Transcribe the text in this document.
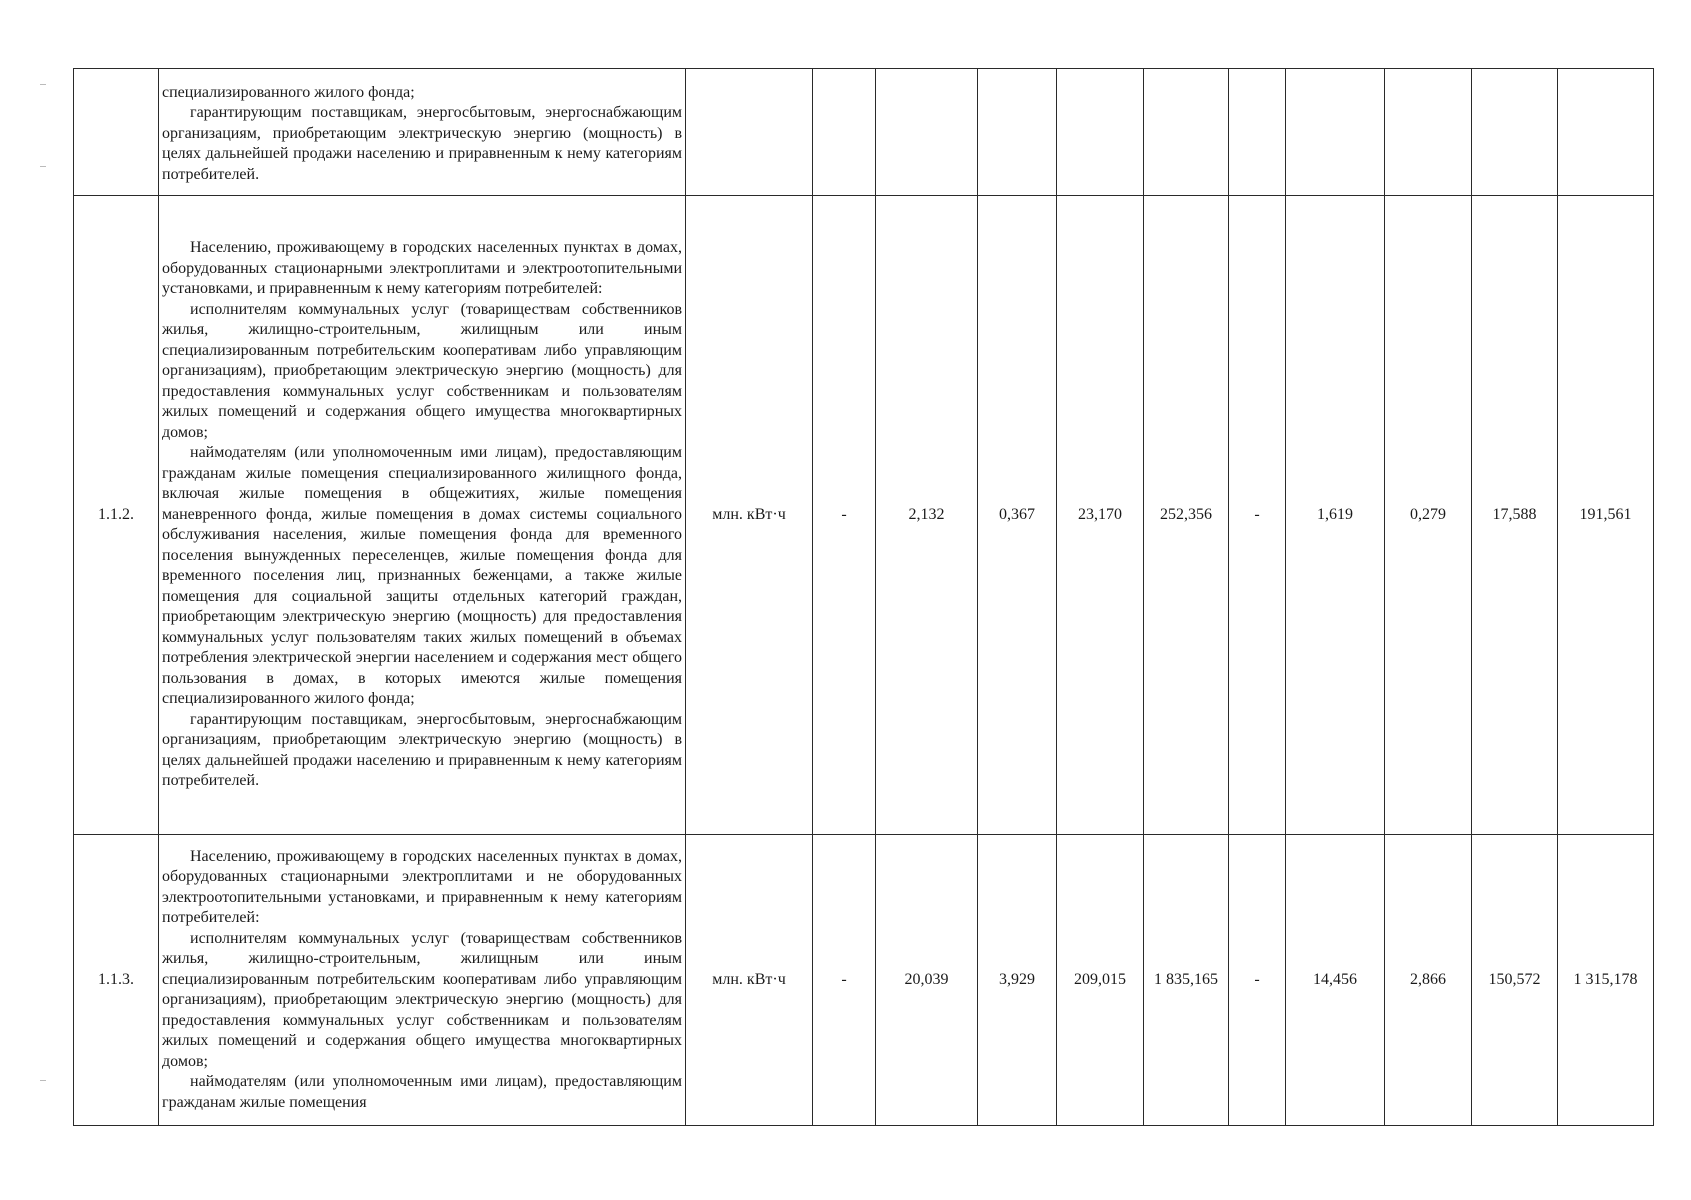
	специализированного жилого фонда;

гарантирующим поставщикам, энергосбытовым, энергоснабжающим организациям, приобретающим электрическую энергию (мощность) в целях дальнейшей продажи населению и приравненным к нему категориям потребителей.											

1.1.2.	Населению, проживающему в городских населенных пунктах в домах, оборудованных стационарными электроплитами и электроотопительными установками, и приравненным к нему категориям потребителей:

исполнителям коммунальных услуг (товариществам собственников жилья, жилищно-строительным, жилищным или иным специализированным потребительским кооперативам либо управляющим организациям), приобретающим электрическую энергию (мощность) для предоставления коммунальных услуг собственникам и пользователям жилых помещений и содержания общего имущества многоквартирных домов;

наймодателям (или уполномоченным ими лицам), предоставляющим гражданам жилые помещения специализированного жилищного фонда, включая жилые помещения в общежитиях, жилые помещения маневренного фонда, жилые помещения в домах системы социального обслуживания населения, жилые помещения фонда для временного поселения вынужденных переселенцев, жилые помещения фонда для временного поселения лиц, признанных беженцами, а также жилые помещения для социальной защиты отдельных категорий граждан, приобретающим электрическую энергию (мощность) для предоставления коммунальных услуг пользователям таких жилых помещений в объемах потребления электрической энергии населением и содержания мест общего пользования в домах, в которых имеются жилые помещения специализированного жилого фонда;

гарантирующим поставщикам, энергосбытовым, энергоснабжающим организациям, приобретающим электрическую энергию (мощность) в целях дальнейшей продажи населению и приравненным к нему категориям потребителей.	млн. кВт·ч	-	2,132	0,367	23,170	252,356	-	1,619	0,279	17,588	191,561
1.1.3.	Населению, проживающему в городских населенных пунктах в домах, оборудованных стационарными электроплитами и не оборудованных электроотопительными установками, и приравненным к нему категориям потребителей:

исполнителям коммунальных услуг (товариществам собственников жилья, жилищно-строительным, жилищным или иным специализированным потребительским кооперативам либо управляющим организациям), приобретающим электрическую энергию (мощность) для предоставления коммунальных услуг собственникам и пользователям жилых помещений и содержания общего имущества многоквартирных домов;

наймодателям (или уполномоченным ими лицам), предоставляющим гражданам жилые помещения	млн. кВт·ч	-	20,039	3,929	209,015	1 835,165	-	14,456	2,866	150,572	1 315,178
